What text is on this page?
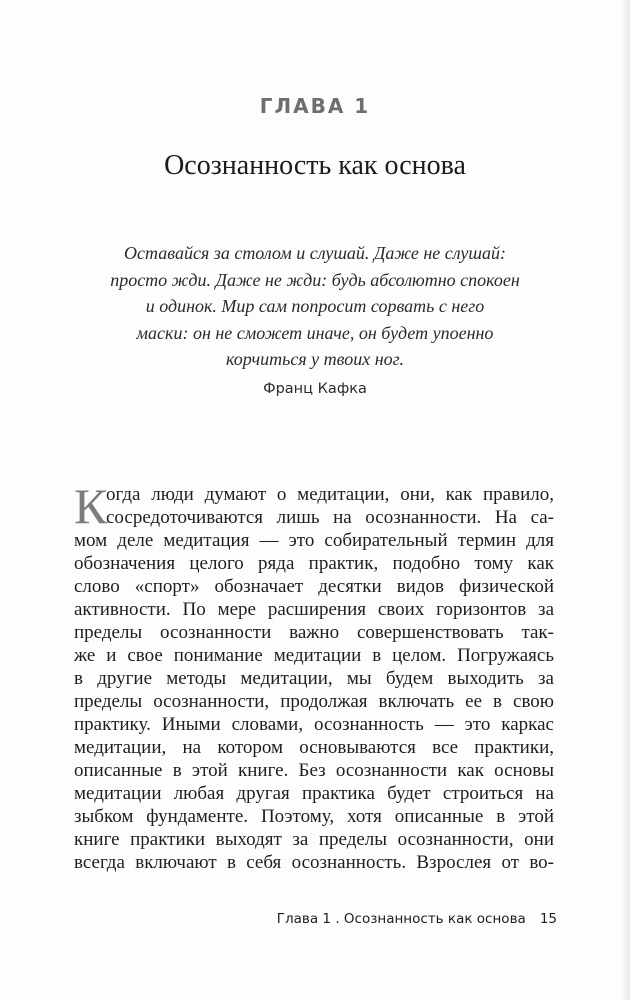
ГЛАВА 1
Осознанность как основа
Оставайся за столом и слушай. Даже не слушай:
просто жди. Даже не жди: будь абсолютно спокоен
и одинок. Мир сам попросит сорвать с него
маски: он не сможет иначе, он будет упоенно
корчиться у твоих ног.
Франц Кафка
К
огда люди думают о медитации, они, как правило,
сосредоточиваются лишь на осознанности. На са-
мом деле медитация — это собирательный термин для
обозначения целого ряда практик, подобно тому как
слово «спорт» обозначает десятки видов физической
активности. По мере расширения своих горизонтов за
пределы осознанности важно совершенствовать так-
же и свое понимание медитации в целом. Погружаясь
в другие методы медитации, мы будем выходить за
пределы осознанности, продолжая включать ее в свою
практику. Иными словами, осознанность — это каркас
медитации, на котором основываются все практики,
описанные в этой книге. Без осознанности как основы
медитации любая другая практика будет строиться на
зыбком фундаменте. Поэтому, хотя описанные в этой
книге практики выходят за пределы осознанности, они
всегда включают в себя осознанность. Взрослея от во-
Глава 1 . Осознанность как основа 15
